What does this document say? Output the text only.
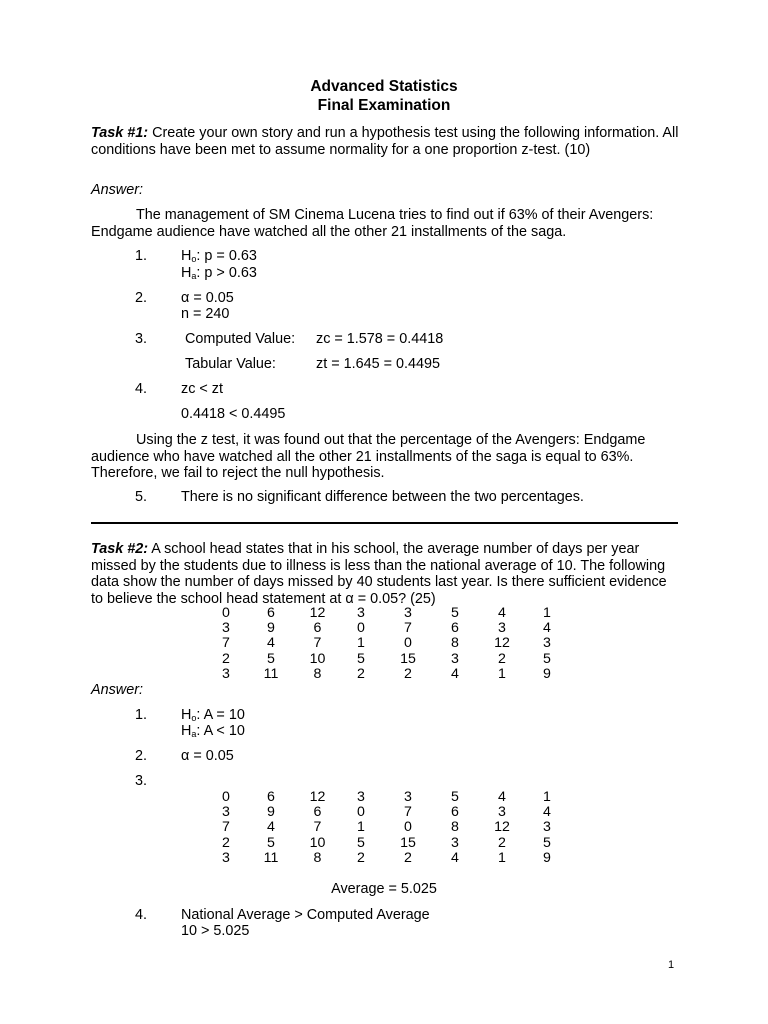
Advanced Statistics
Final Examination
Task #1: Create your own story and run a hypothesis test using the following information. All conditions have been met to assume normality for a one proportion z-test. (10)
Answer:
The management of SM Cinema Lucena tries to find out if 63% of their Avengers: Endgame audience have watched all the other 21 installments of the saga.
1. $H_o$: p = 0.63
$H_a$: p > 0.63
2. α = 0.05
n = 240
3.	Computed Value: zc = 1.578 = 0.4418
Tabular Value:	zt = 1.645 = 0.4495
4. zc < zt
0.4418 < 0.4495
Using the z test, it was found out that the percentage of the Avengers: Endgame audience who have watched all the other 21 installments of the saga is equal to 63%. Therefore, we fail to reject the null hypothesis.
5. There is no significant difference between the two percentages.
Task #2: A school head states that in his school, the average number of days per year missed by the students due to illness is less than the national average of 10. The following data show the number of days missed by 40 students last year. Is there sufficient evidence to believe the school head statement at α = 0.05? (25)
0	6	12	3	3	5	4	1
3	9	6	0	7	6	3	4
7	4	7	1	0	8	12	3
2	5	10	5	15	3	2	5
3	11	8	2	2	4	1	9
Answer:
1. $H_o$: A = 10
$H_a$: A < 10
2. α = 0.05
3.
0	6	12	3	3	5	4	1
3	9	6	0	7	6	3	4
7	4	7	1	0	8	12	3
2	5	10	5	15	3	2	5
3	11	8	2	2	4	1	9
Average = 5.025
4. National Average > Computed Average
10 > 5.025
1
